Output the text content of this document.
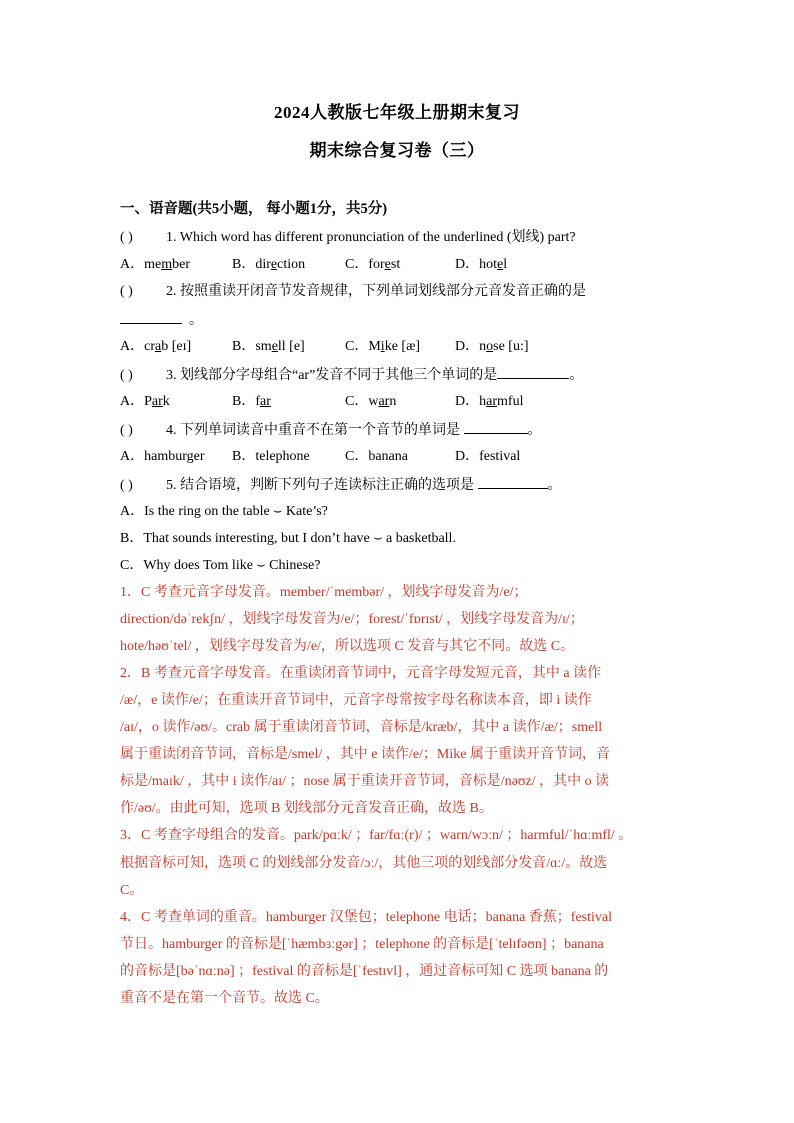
2024人教版七年级上册期末复习
期末综合复习卷（三）
一、语音题(共5小题， 每小题1分，共5分)
( ) 1. Which word has different pronunciation of the underlined (划线) part?
A．member	B．direction	C．forest	D．hotel
( ) 2. 按照重读开闭音节发音规律，下列单词划线部分元音发音正确的是
。
A．crab [eɪ]	B．smell [e]	C．Mike [æ] D．nose [u:]
( ) 3. 划线部分字母组合“ar”发音不同于其他三个单词的是	。
A．Park	B．far	C．warn	D．harmful
( ) 4. 下列单词读音中重音不在第一个音节的单词是	。
A．hamburger B．telephone	C．banana	D．festival
( ) 5. 结合语境，判断下列句子连读标注正确的选项是	。
A．Is the ring on the table ⌣ Kate’s?
B．That sounds interesting, but I don’t have ⌣ a basketball.
C．Why does Tom like ⌣ Chinese?
1．C 考查元音字母发音。member/ˈmembər/ ，划线字母发音为/e/；
direction/dəˈrekʃn/ ，划线字母发音为/e/；forest/ˈfɒrɪst/ ，划线字母发音为/ɪ/；
hote/həʊˈtel/ ，划线字母发音为/e/，所以选项 C 发音与其它不同。故选 C。
2．B 考查元音字母发音。在重读闭音节词中，元音字母发短元音，其中 a 读作
/æ/，e 读作/e/；在重读开音节词中，元音字母常按字母名称读本音，即 i 读作
/aɪ/，o 读作/əʊ/。crab 属于重读闭音节词，音标是/kræb/，其中 a 读作/æ/；smell
属于重读闭音节词，音标是/smel/ ，其中 e 读作/e/；Mike 属于重读开音节词，音
标是/maɪk/ ，其中 i 读作/aɪ/ ；nose 属于重读开音节词，音标是/nəʊz/ ，其中 o 读
作/əʊ/。由此可知，选项 B 划线部分元音发音正确，故选 B。
3．C 考查字母组合的发音。park/pɑːk/ ；far/fɑː(r)/ ；warn/wɔːn/ ；harmful/ˈhɑːmfl/ 。
根据音标可知，选项 C 的划线部分发音/ɔː/，其他三项的划线部分发音/ɑː/。故选
C。
4．C 考查单词的重音。hamburger 汉堡包；telephone 电话；banana 香蕉；festival
节日。hamburger 的音标是[ˈhæmbɜːgər] ；telephone 的音标是[ˈtelɪfəʊn] ；banana
的音标是[bəˈnɑːnə] ；festival 的音标是[ˈfestɪvl] ，通过音标可知 C 选项 banana 的
重音不是在第一个音节。故选 C。
